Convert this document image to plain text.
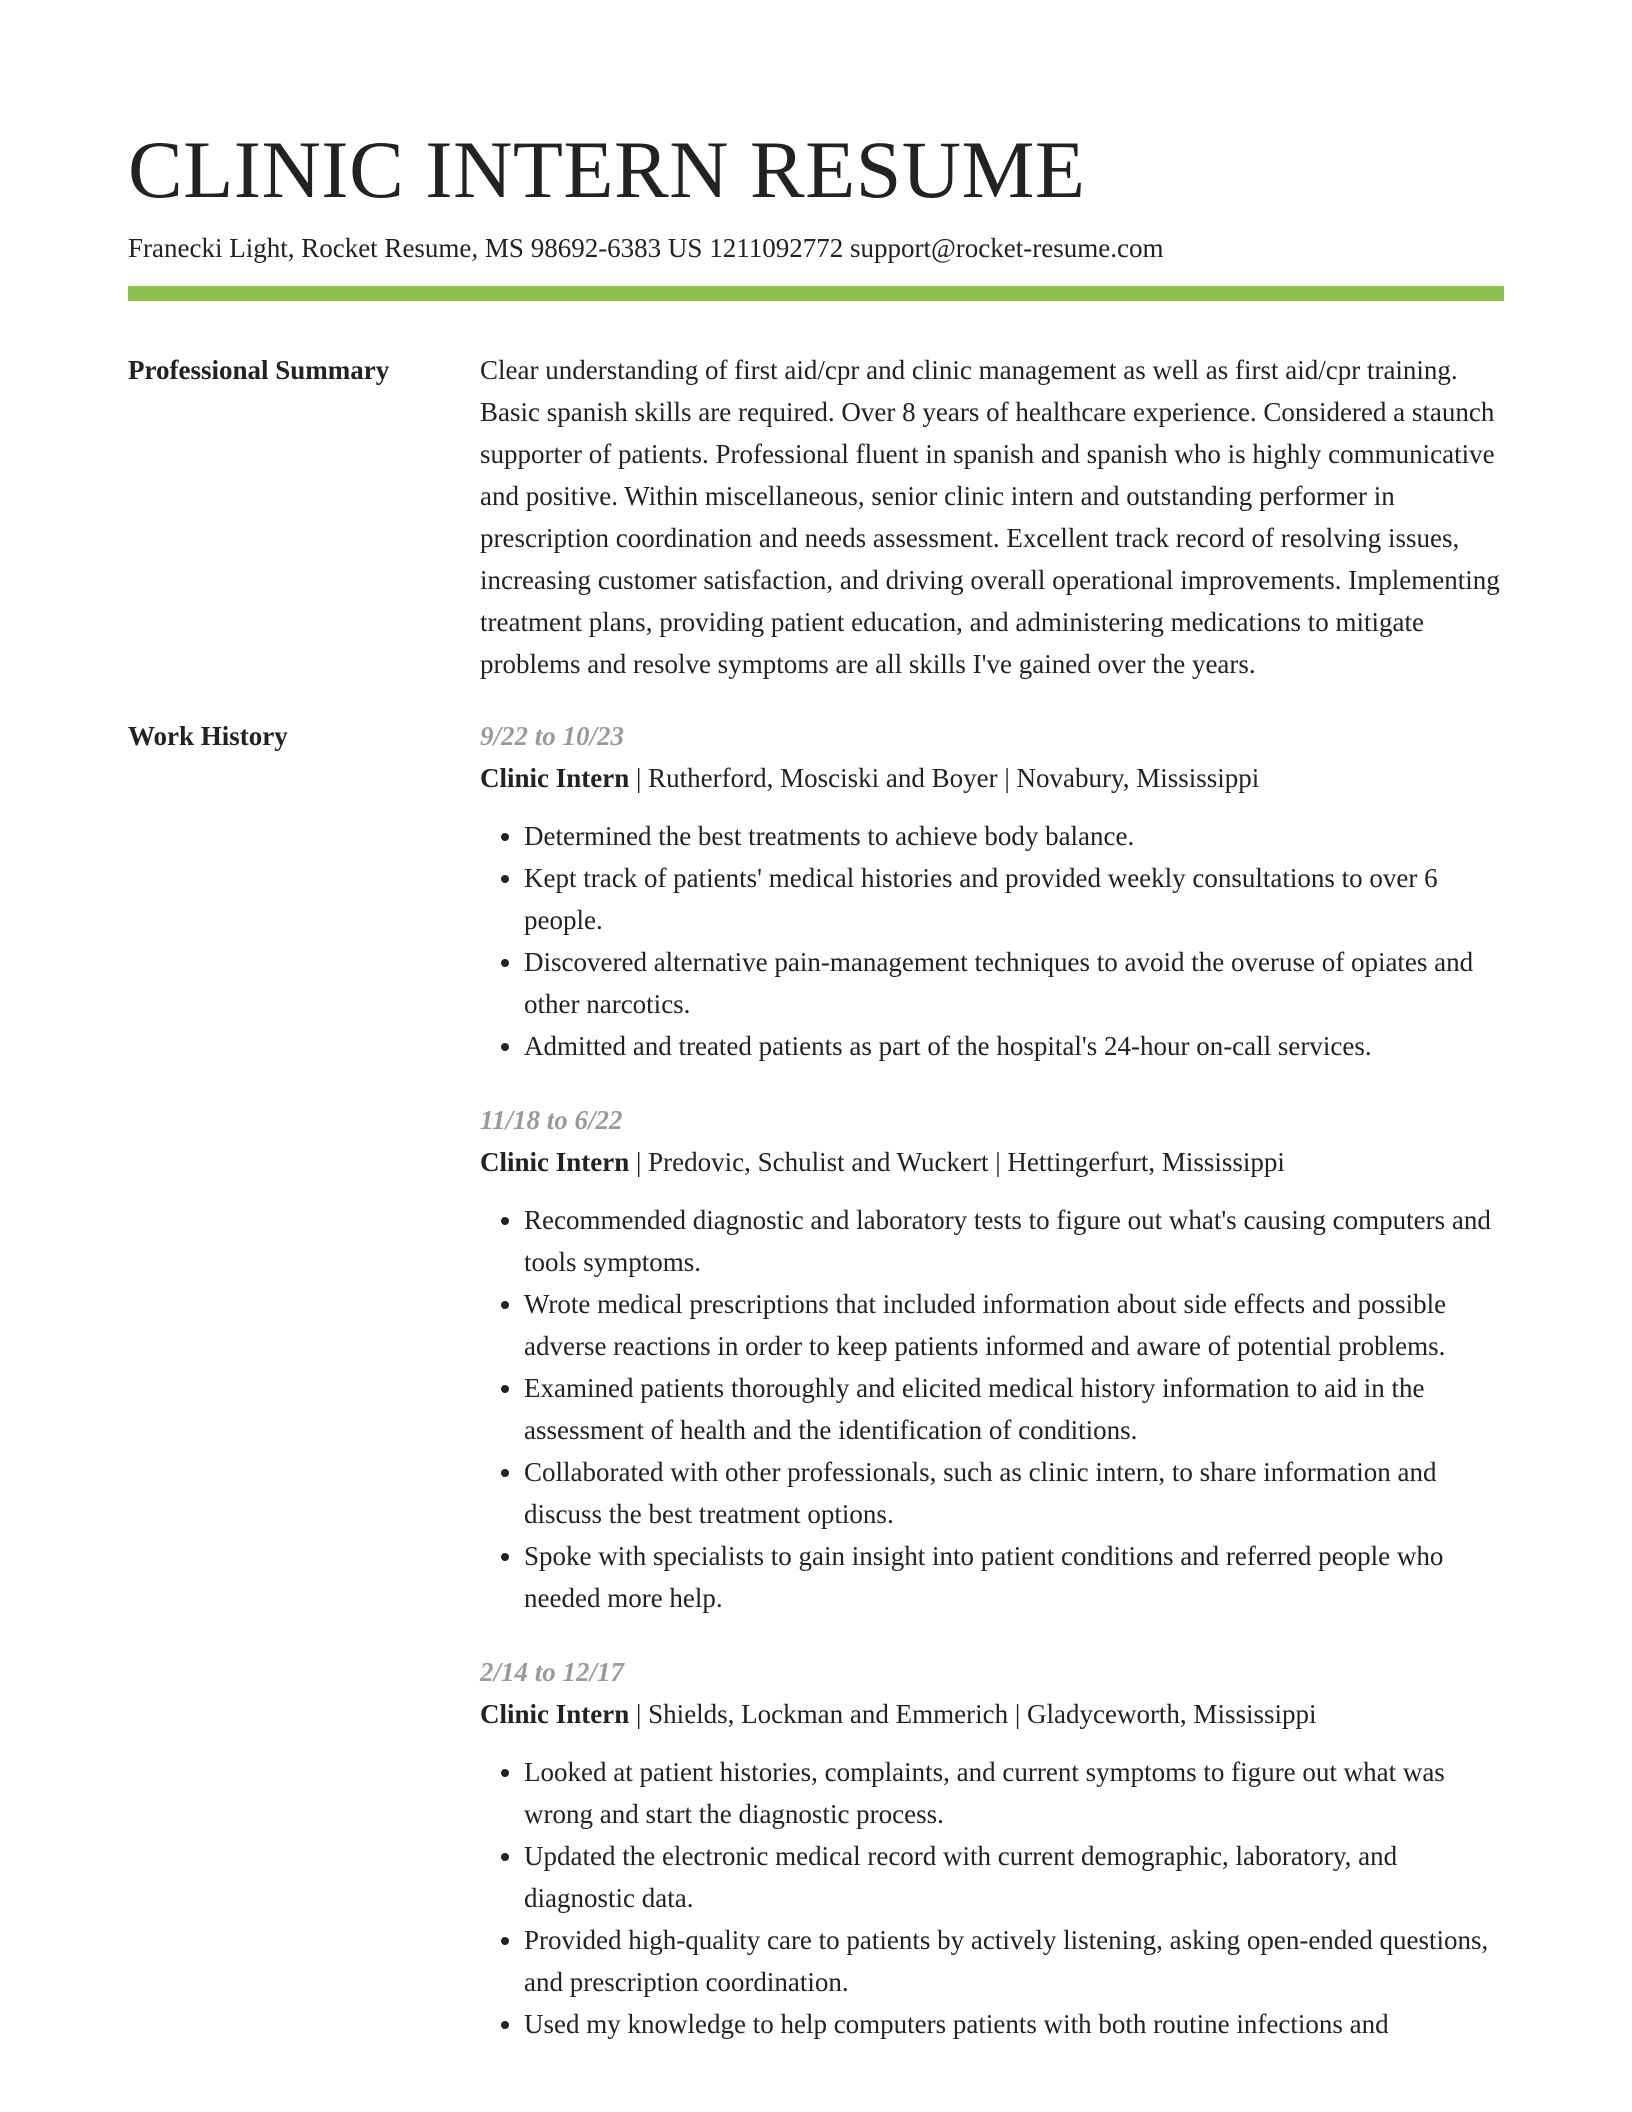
CLINIC INTERN RESUME
Franecki Light, Rocket Resume, MS 98692-6383 US 1211092772 support@rocket-resume.com
Professional Summary	Clear understanding of first aid/cpr and clinic management as well as first aid/cpr training. Basic spanish skills are required. Over 8 years of healthcare experience. Considered a staunch supporter of patients. Professional fluent in spanish and spanish who is highly communicative and positive. Within miscellaneous, senior clinic intern and outstanding performer in prescription coordination and needs assessment. Excellent track record of resolving issues, increasing customer satisfaction, and driving overall operational improvements. Implementing treatment plans, providing patient education, and administering medications to mitigate problems and resolve symptoms are all skills I've gained over the years.

Work History	9/22 to 10/23
Clinic Intern | Rutherford, Mosciski and Boyer | Novabury, Mississippi
• Determined the best treatments to achieve body balance.
• Kept track of patients' medical histories and provided weekly consultations to over 6 people.
• Discovered alternative pain-management techniques to avoid the overuse of opiates and other narcotics.
• Admitted and treated patients as part of the hospital's 24-hour on-call services.
11/18 to 6/22
Clinic Intern | Predovic, Schulist and Wuckert | Hettingerfurt, Mississippi
• Recommended diagnostic and laboratory tests to figure out what's causing computers and tools symptoms.
• Wrote medical prescriptions that included information about side effects and possible adverse reactions in order to keep patients informed and aware of potential problems.
• Examined patients thoroughly and elicited medical history information to aid in the assessment of health and the identification of conditions.
• Collaborated with other professionals, such as clinic intern, to share information and discuss the best treatment options.
• Spoke with specialists to gain insight into patient conditions and referred people who needed more help.
2/14 to 12/17
Clinic Intern | Shields, Lockman and Emmerich | Gladyceworth, Mississippi
• Looked at patient histories, complaints, and current symptoms to figure out what was wrong and start the diagnostic process.
• Updated the electronic medical record with current demographic, laboratory, and diagnostic data.
• Provided high-quality care to patients by actively listening, asking open-ended questions, and prescription coordination.
• Used my knowledge to help computers patients with both routine infections and
